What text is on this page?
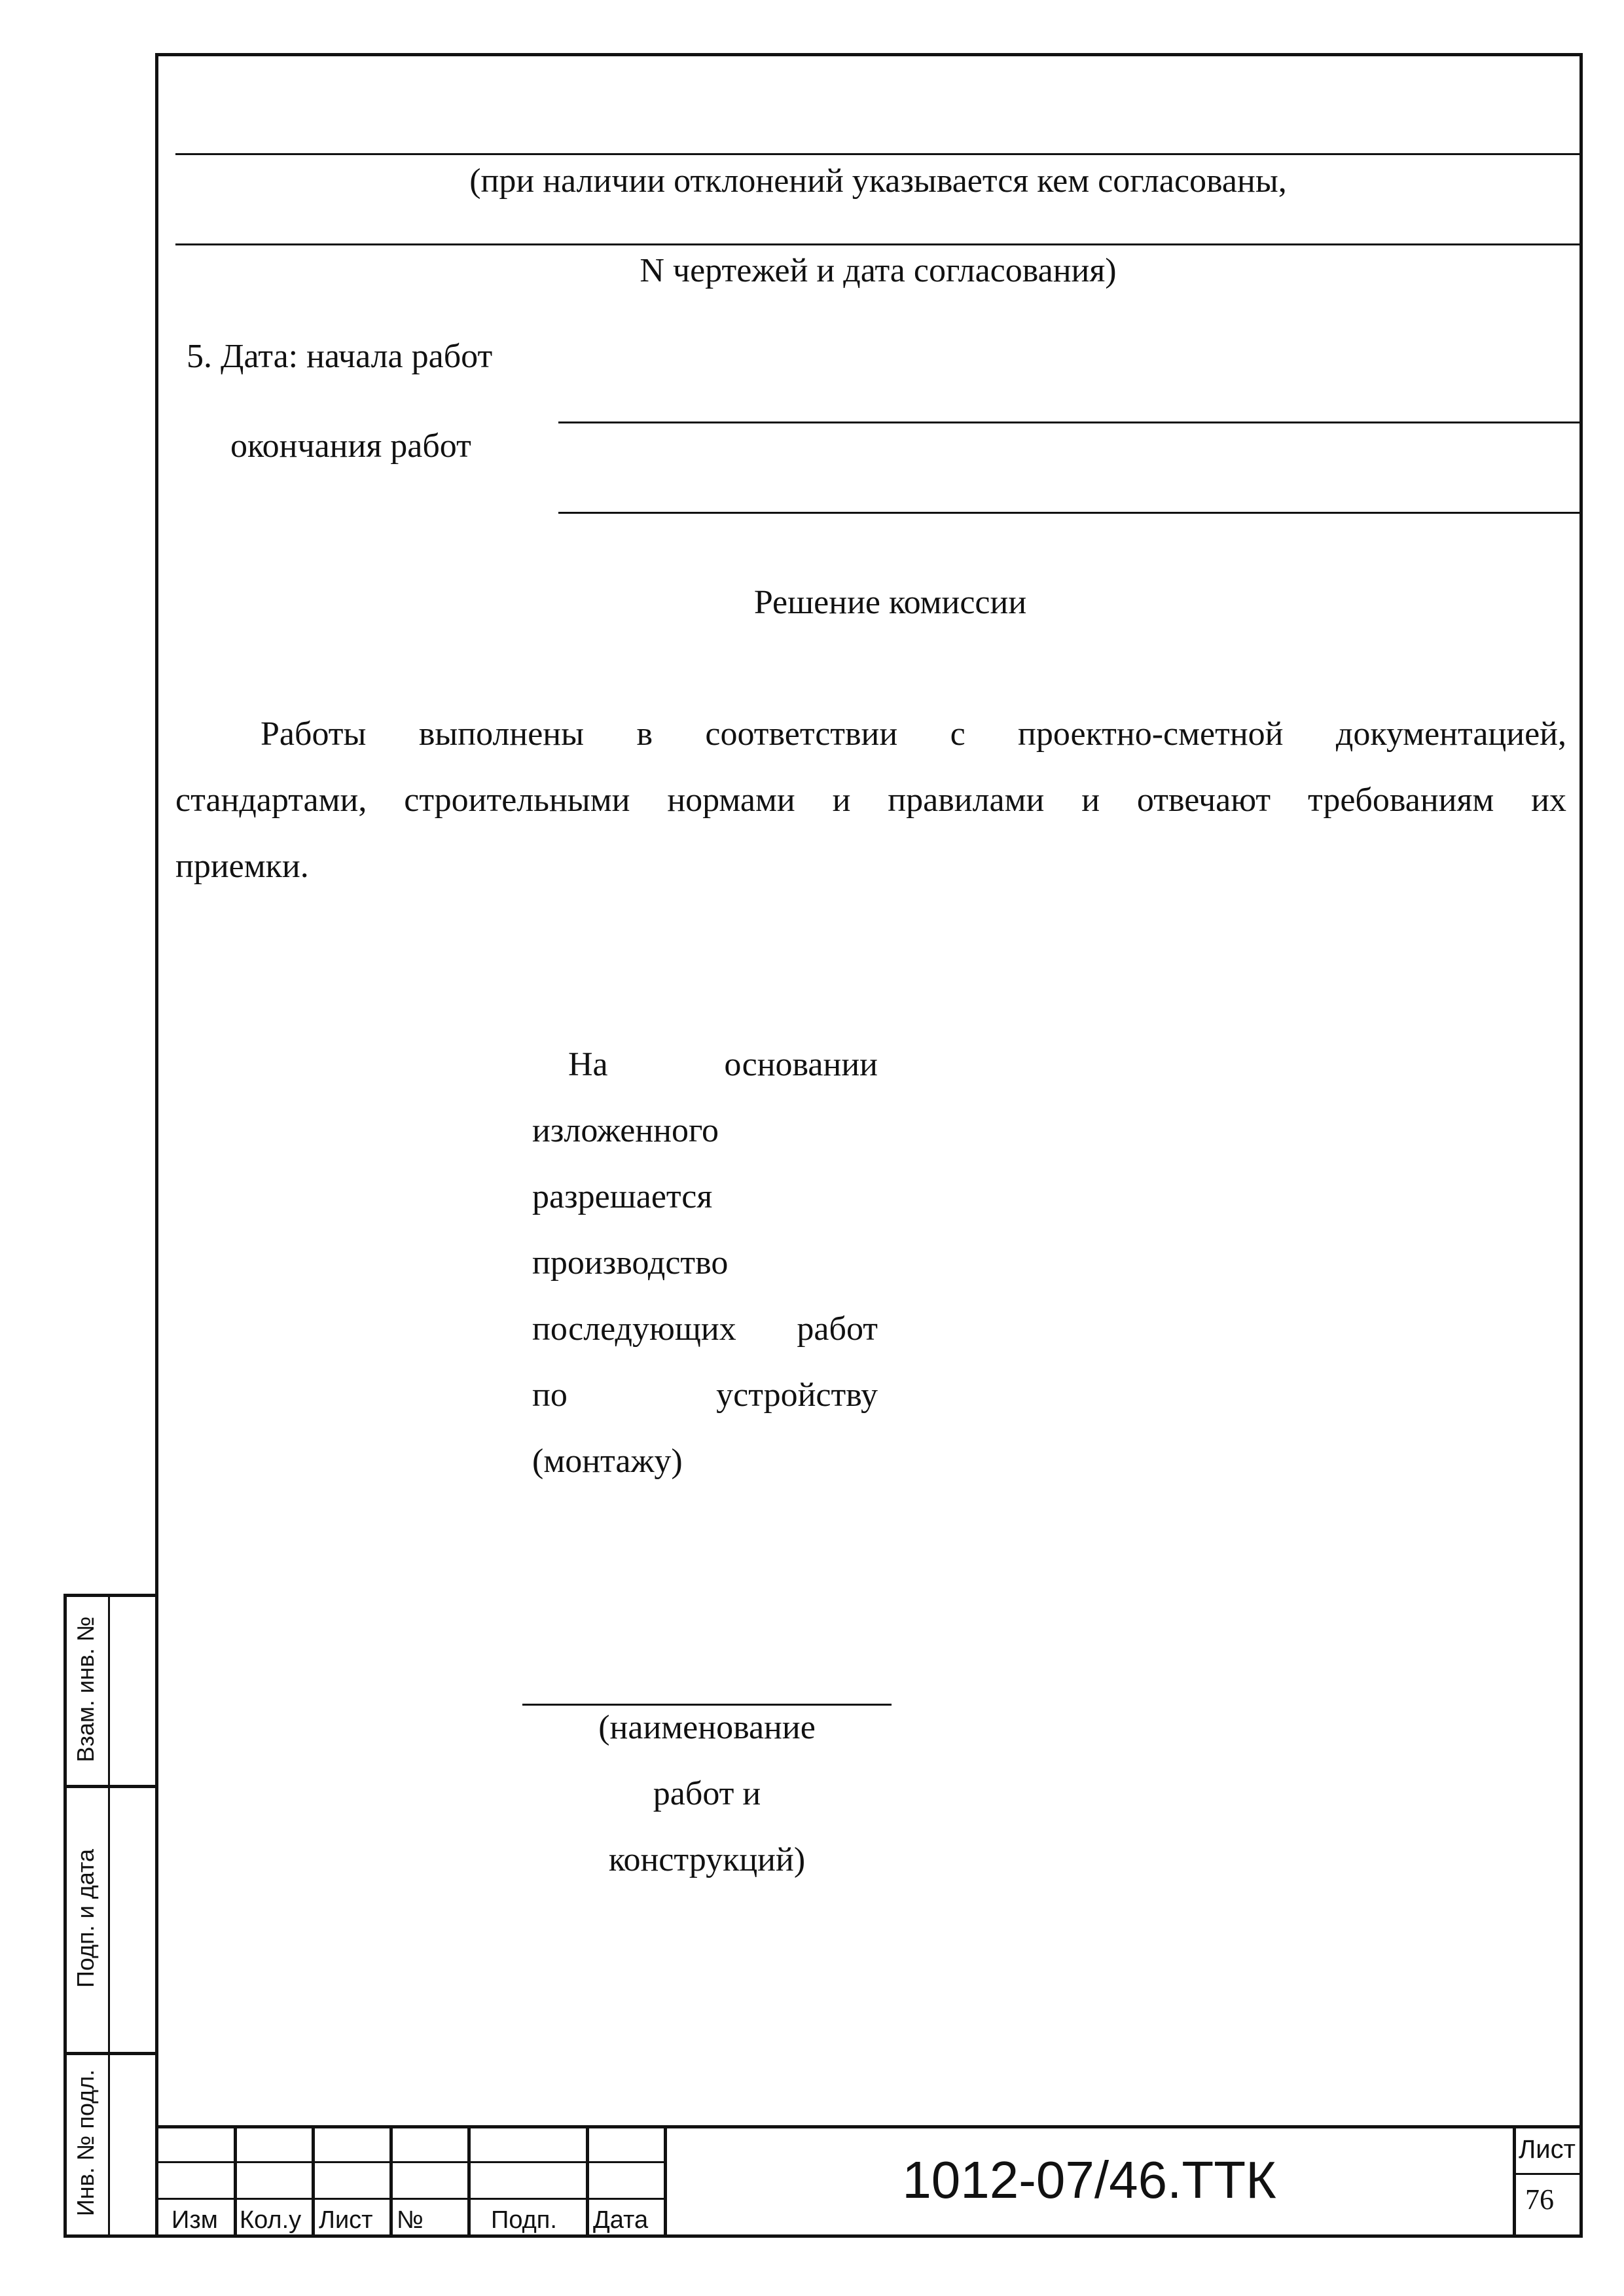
(при наличии отклонений указывается кем согласованы,
N чертежей и дата согласования)
5. Дата: начала работ
окончания работ
Решение комиссии
Работы выполнены в соответствии с проектно-сметной документацией,
стандартами, строительными нормами и правилами и отвечают требованиям их
приемки.
На основании
изложенного
разрешается
производство
последующих работ
по устройству
(монтажу)
(наименование
работ и
конструкций)
Взам. инв. №
Подп. и дата
Инв. № подл.
Изм Кол.у Лист №	Подп. Дата
1012-07/46.ТТК
Лист
76
